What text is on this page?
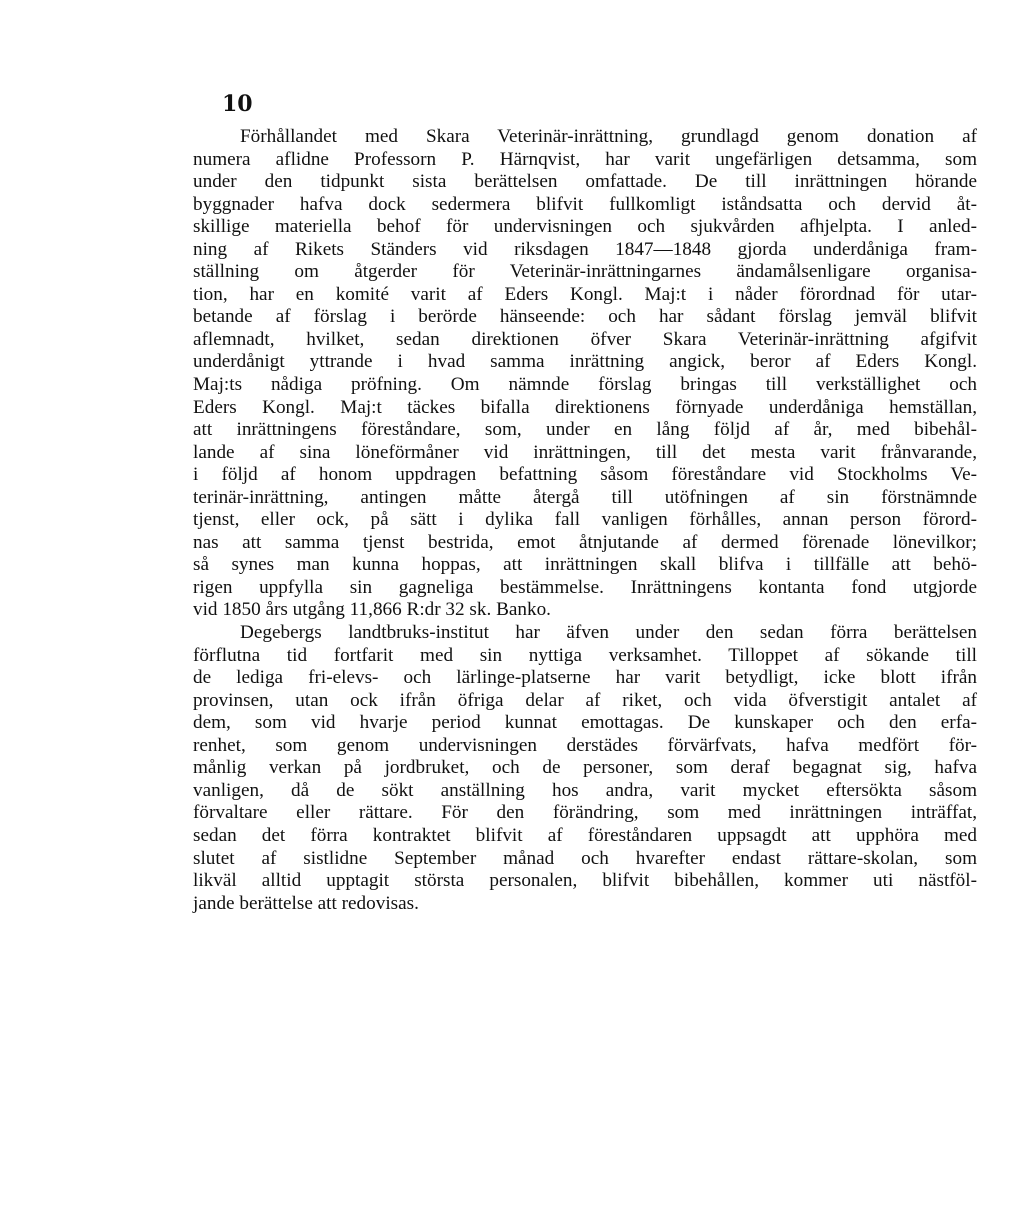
10
Förhållandet med Skara Veterinär-inrättning, grundlagd genom donation af
numera aflidne Professorn P. Härnqvist, har varit ungefärligen detsamma, som
under den tidpunkt sista berättelsen omfattade. De till inrättningen hörande
byggnader hafva dock sedermera blifvit fullkomligt iståndsatta och dervid åt-
skillige materiella behof för undervisningen och sjukvården afhjelpta. I anled-
ning af Rikets Ständers vid riksdagen 1847—1848 gjorda underdåniga fram-
ställning om åtgerder för Veterinär-inrättningarnes ändamålsenligare organisa-
tion, har en komité varit af Eders Kongl. Maj:t i nåder förordnad för utar-
betande af förslag i berörde hänseende: och har sådant förslag jemväl blifvit
aflemnadt, hvilket, sedan direktionen öfver Skara Veterinär-inrättning afgifvit
underdånigt yttrande i hvad samma inrättning angick, beror af Eders Kongl.
Maj:ts nådiga pröfning. Om nämnde förslag bringas till verkställighet och
Eders Kongl. Maj:t täckes bifalla direktionens förnyade underdåniga hemställan,
att inrättningens föreståndare, som, under en lång följd af år, med bibehål-
lande af sina löneförmåner vid inrättningen, till det mesta varit frånvarande,
i följd af honom uppdragen befattning såsom föreståndare vid Stockholms Ve-
terinär-inrättning, antingen måtte återgå till utöfningen af sin förstnämnde
tjenst, eller ock, på sätt i dylika fall vanligen förhålles, annan person förord-
nas att samma tjenst bestrida, emot åtnjutande af dermed förenade lönevilkor;
så synes man kunna hoppas, att inrättningen skall blifva i tillfälle att behö-
rigen uppfylla sin gagneliga bestämmelse. Inrättningens kontanta fond utgjorde
vid 1850 års utgång 11,866 R:dr 32 sk. Banko.
Degebergs landtbruks-institut har äfven under den sedan förra berättelsen
förflutna tid fortfarit med sin nyttiga verksamhet. Tilloppet af sökande till
de lediga fri-elevs- och lärlinge-platserne har varit betydligt, icke blott ifrån
provinsen, utan ock ifrån öfriga delar af riket, och vida öfverstigit antalet af
dem, som vid hvarje period kunnat emottagas. De kunskaper och den erfa-
renhet, som genom undervisningen derstädes förvärfvats, hafva medfört för-
månlig verkan på jordbruket, och de personer, som deraf begagnat sig, hafva
vanligen, då de sökt anställning hos andra, varit mycket eftersökta såsom
förvaltare eller rättare. För den förändring, som med inrättningen inträffat,
sedan det förra kontraktet blifvit af föreståndaren uppsagdt att upphöra med
slutet af sistlidne September månad och hvarefter endast rättare-skolan, som
likväl alltid upptagit största personalen, blifvit bibehållen, kommer uti nästföl-
jande berättelse att redovisas.
